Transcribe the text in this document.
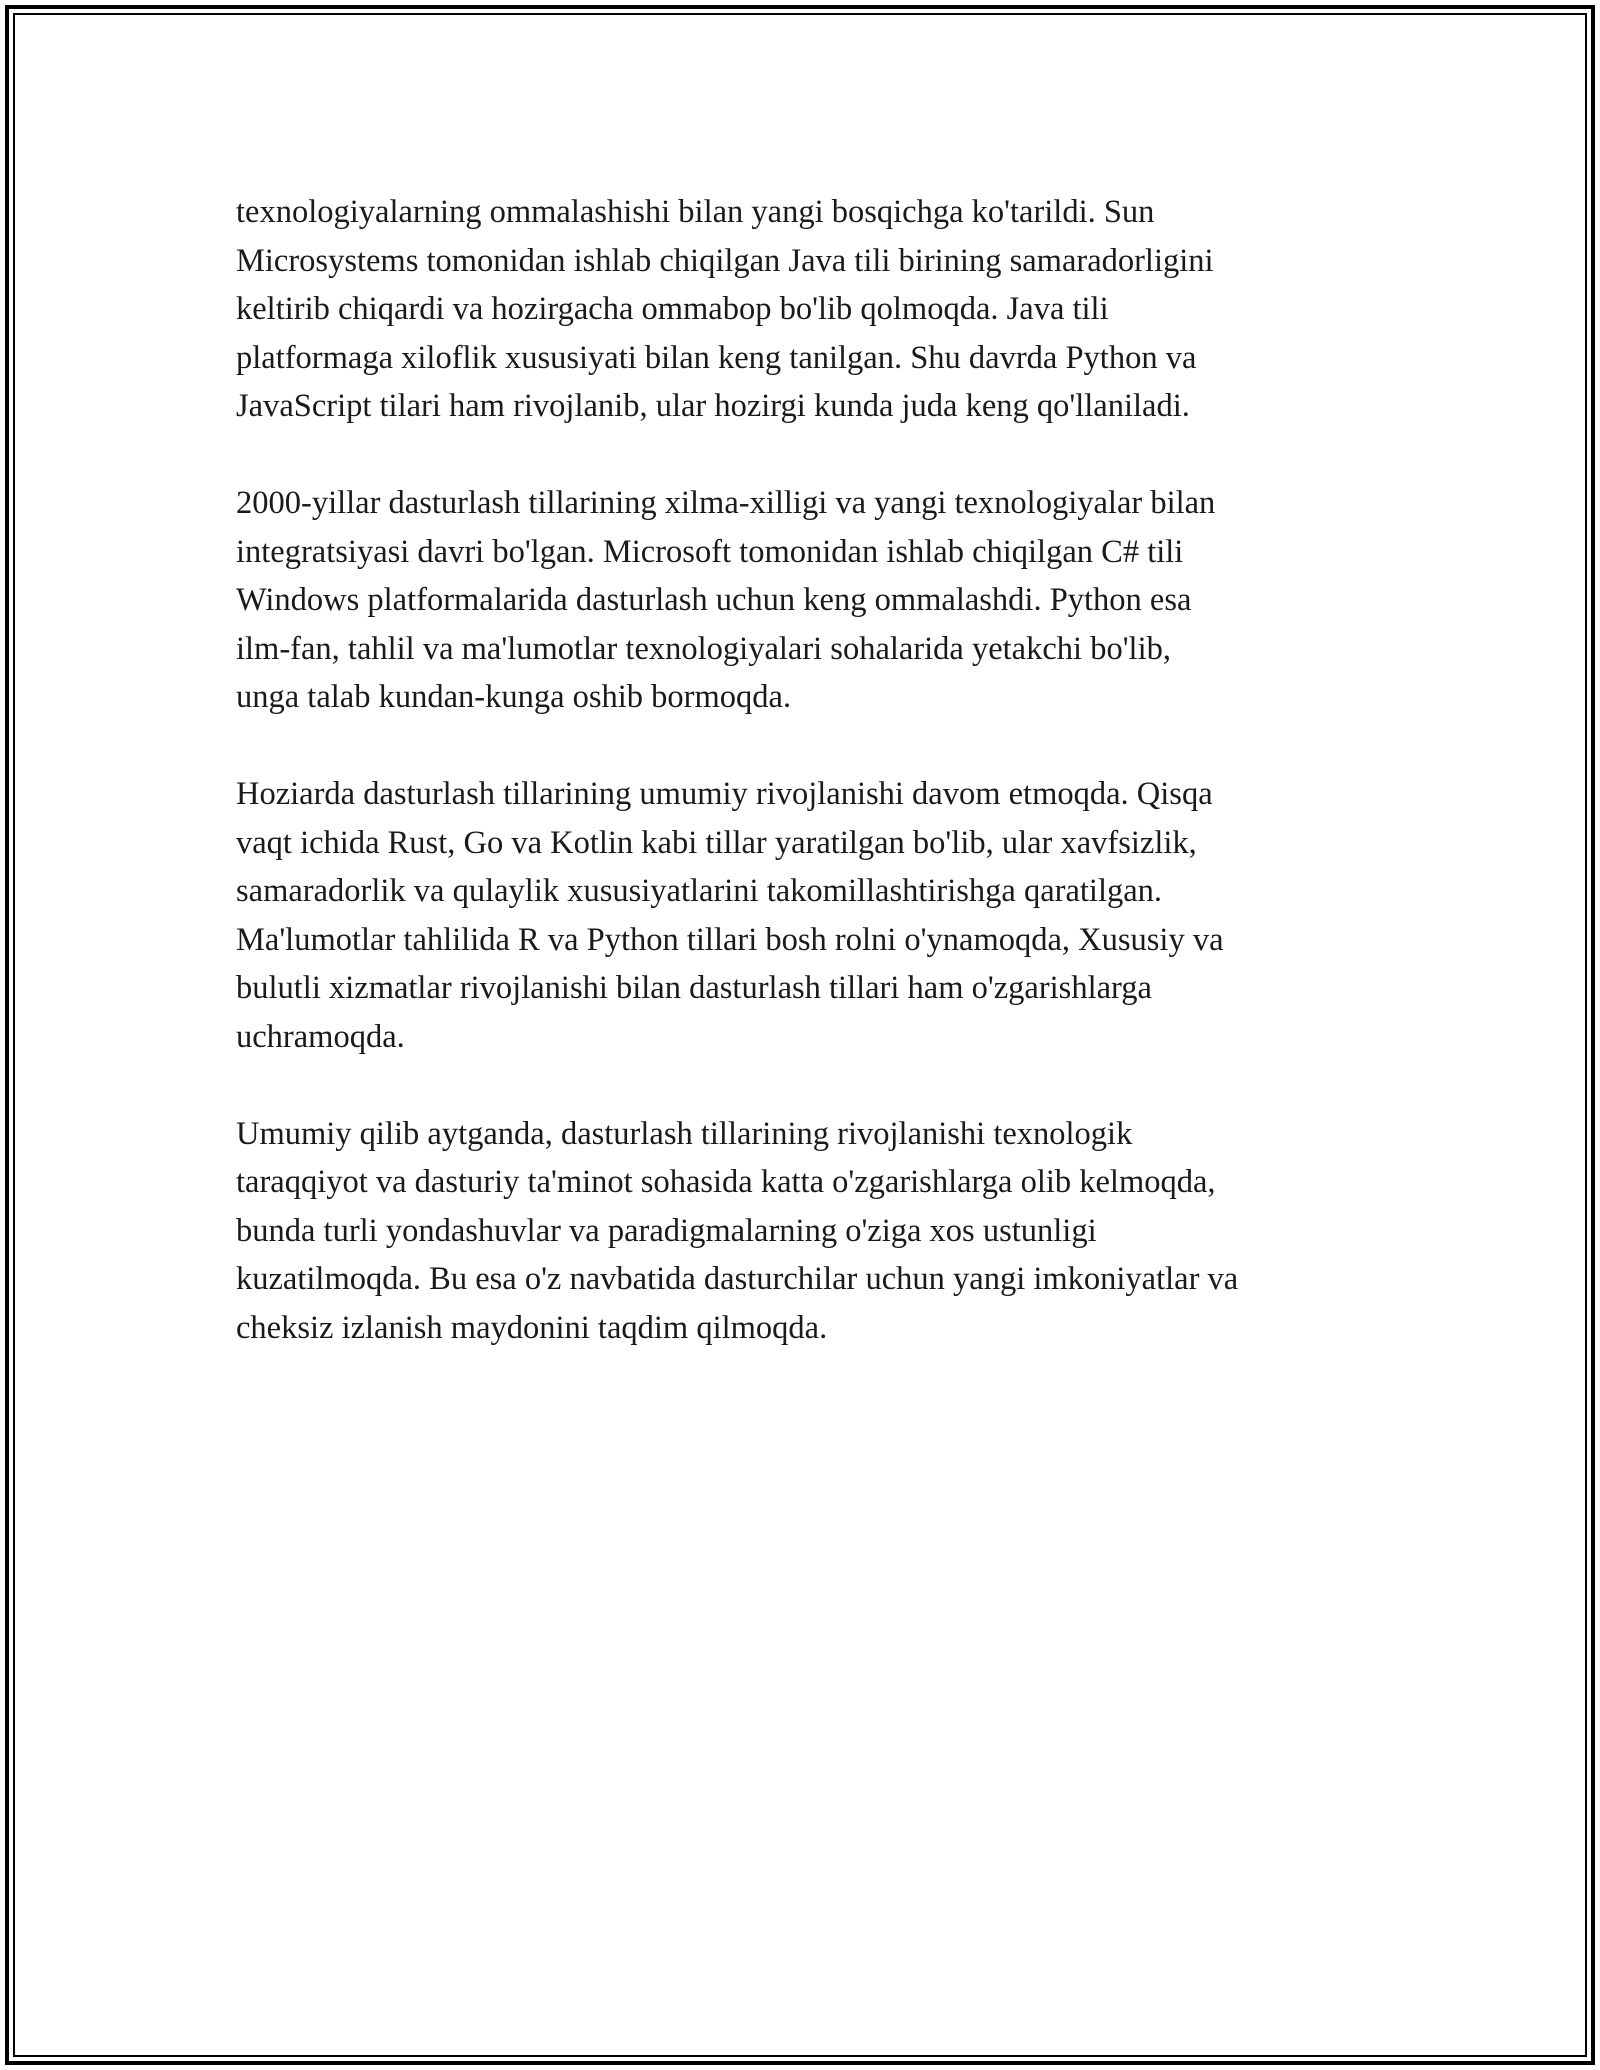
texnologiyalarning ommalashishi bilan yangi bosqichga ko'tarildi. Sun
Microsystems tomonidan ishlab chiqilgan Java tili birining samaradorligini
keltirib chiqardi va hozirgacha ommabop bo'lib qolmoqda. Java tili
platformaga xiloflik xususiyati bilan keng tanilgan. Shu davrda Python va
JavaScript tilari ham rivojlanib, ular hozirgi kunda juda keng qo'llaniladi.

2000-yillar dasturlash tillarining xilma-xilligi va yangi texnologiyalar bilan
integratsiyasi davri bo'lgan. Microsoft tomonidan ishlab chiqilgan C# tili
Windows platformalarida dasturlash uchun keng ommalashdi. Python esa
ilm-fan, tahlil va ma'lumotlar texnologiyalari sohalarida yetakchi bo'lib,
unga talab kundan-kunga oshib bormoqda.

Hoziarda dasturlash tillarining umumiy rivojlanishi davom etmoqda. Qisqa
vaqt ichida Rust, Go va Kotlin kabi tillar yaratilgan bo'lib, ular xavfsizlik,
samaradorlik va qulaylik xususiyatlarini takomillashtirishga qaratilgan.
Ma'lumotlar tahlilida R va Python tillari bosh rolni o'ynamoqda, Xususiy va
bulutli xizmatlar rivojlanishi bilan dasturlash tillari ham o'zgarishlarga
uchramoqda.

Umumiy qilib aytganda, dasturlash tillarining rivojlanishi texnologik
taraqqiyot va dasturiy ta'minot sohasida katta o'zgarishlarga olib kelmoqda,
bunda turli yondashuvlar va paradigmalarning o'ziga xos ustunligi
kuzatilmoqda. Bu esa o'z navbatida dasturchilar uchun yangi imkoniyatlar va
cheksiz izlanish maydonini taqdim qilmoqda.
